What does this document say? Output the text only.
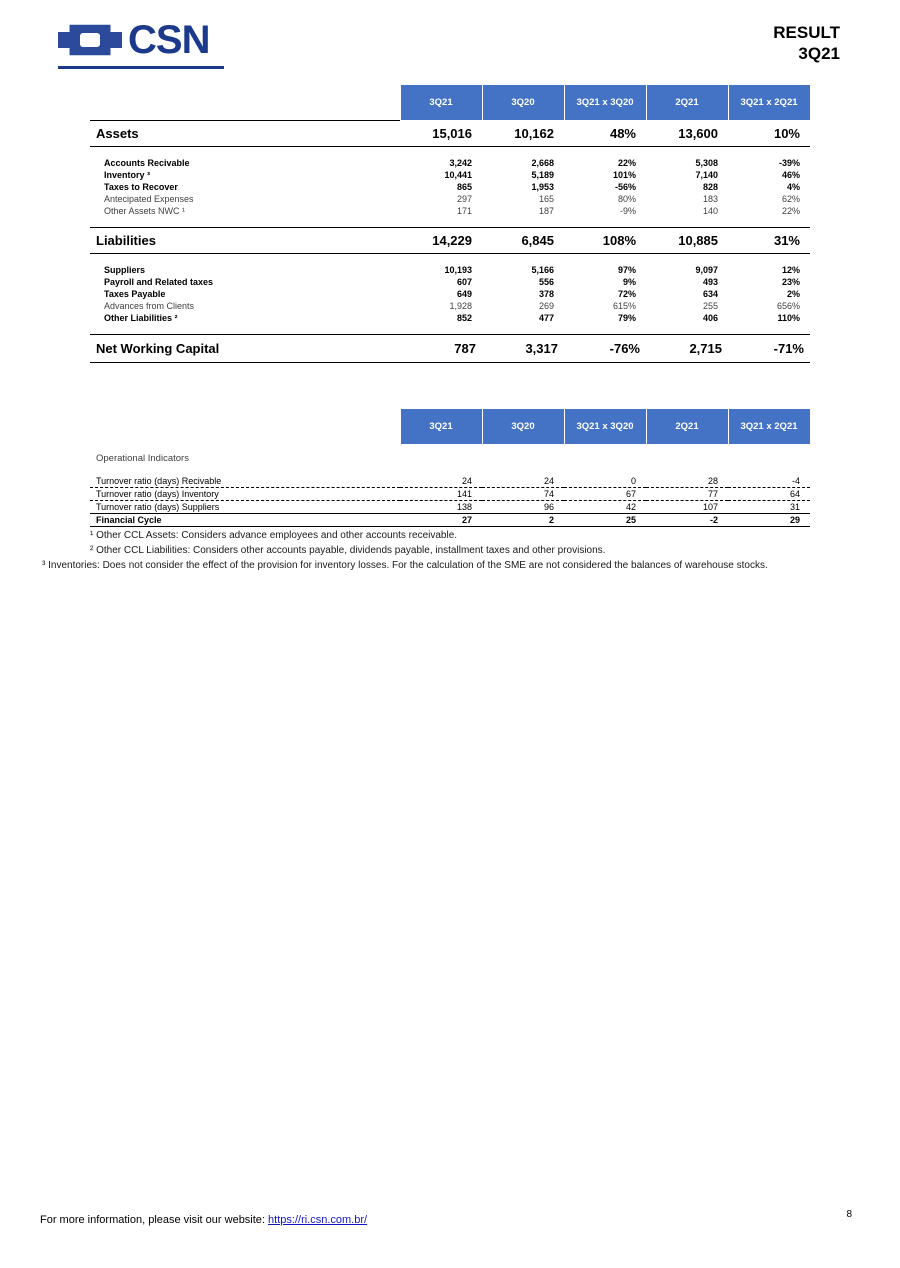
CSN	RESULT
3Q21
	3Q21	3Q20	3Q21 x 3Q20	2Q21	3Q21 x 2Q21
Assets	15,016	10,162	48%	13,600	10%

Accounts Recivable	3,242	2,668	22%	5,308	-39%
Inventory ³	10,441	5,189	101%	7,140	46%
Taxes to Recover	865	1,953	-56%	828	4%
Antecipated Expenses	297	165	80%	183	62%
Other Assets NWC ¹	171	187	-9%	140	22%

Liabilities	14,229	6,845	108%	10,885	31%

Suppliers	10,193	5,166	97%	9,097	12%
Payroll and Related taxes	607	556	9%	493	23%
Taxes Payable	649	378	72%	634	2%
Advances from Clients	1,928	269	615%	255	656%
Other Liabilities ²	852	477	79%	406	110%

Net Working Capital	787	3,317	-76%	2,715	-71%
	3Q21	3Q20	3Q21 x 3Q20	2Q21	3Q21 x 2Q21
Operational Indicators					

Turnover ratio (days) Recivable	24	24	0	28	-4
Turnover ratio (days) Inventory	141	74	67	77	64
Turnover ratio (days) Suppliers	138	96	42	107	31
Financial Cycle	27	2	25	-2	29

¹ Other CCL Assets: Considers advance employees and other accounts receivable.

² Other CCL Liabilities: Considers other accounts payable, dividends payable, installment taxes and other provisions.

³ Inventories: Does not consider the effect of the provision for inventory losses. For the calculation of the SME are not considered the balances of warehouse stocks.

For more information, please visit our website: https://ri.csn.com.br/	8
